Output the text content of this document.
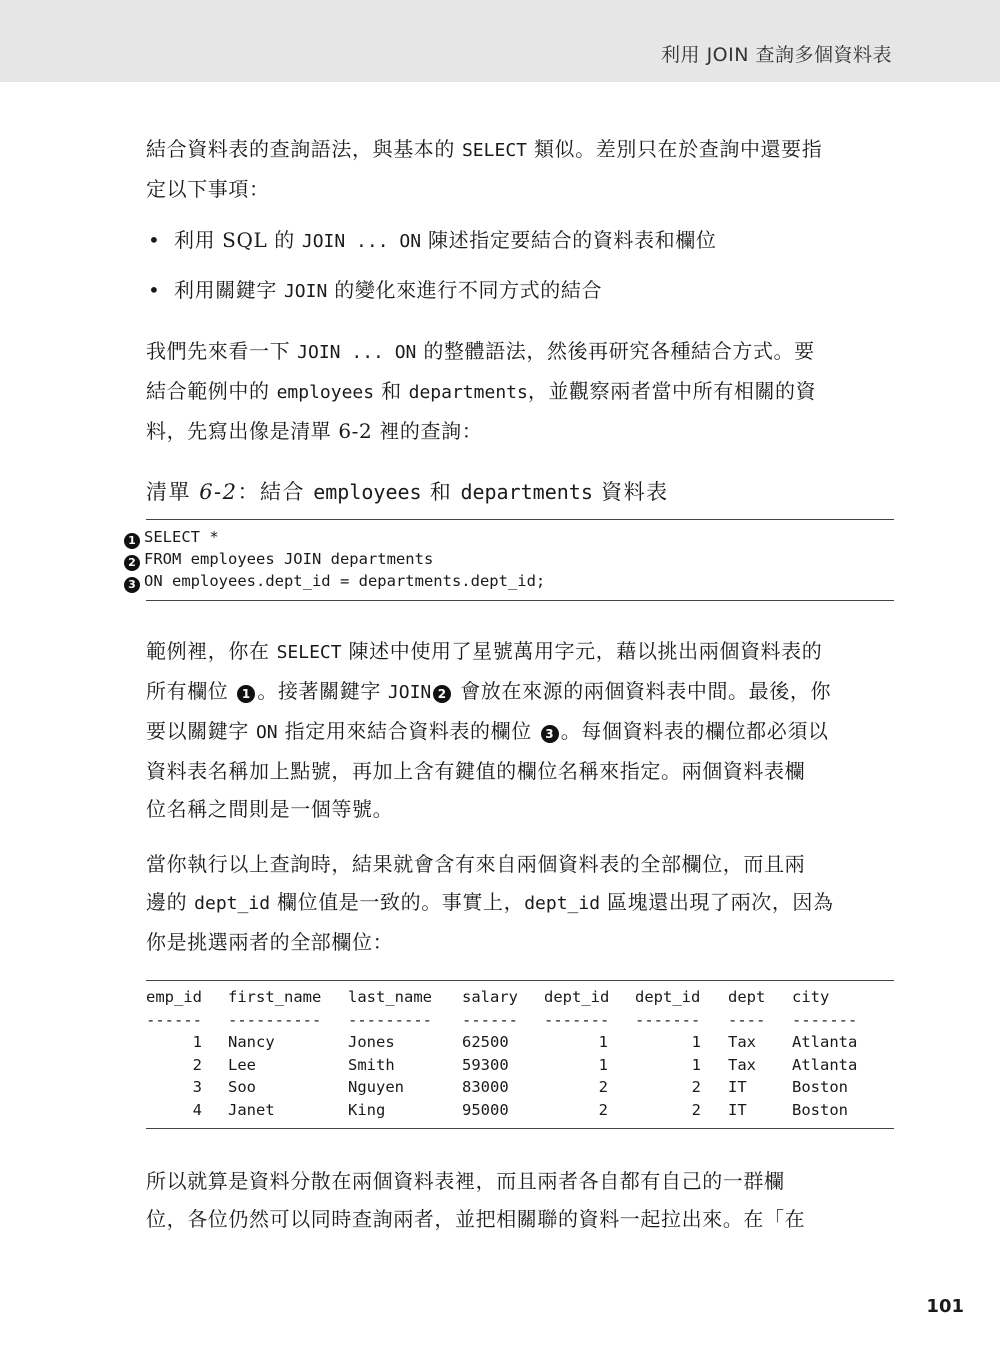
利用 JOIN 查詢多個資料表
結合資料表的查詢語法，與基本的 SELECT 類似。差別只在於查詢中還要指
定以下事項：
• 利用 SQL 的 JOIN ... ON 陳述指定要結合的資料表和欄位
• 利用關鍵字 JOIN 的變化來進行不同方式的結合
我們先來看一下 JOIN ... ON 的整體語法，然後再研究各種結合方式。要
結合範例中的 employees 和 departments，並觀察兩者當中所有相關的資
料，先寫出像是清單 6-2 裡的查詢：
清單 6-2：結合 employees 和 departments 資料表
1 SELECT *
2 FROM employees JOIN departments
3 ON employees.dept_id = departments.dept_id;
範例裡，你在 SELECT 陳述中使用了星號萬用字元，藉以挑出兩個資料表的
所有欄位 1 。接著關鍵字 JOIN 2 會放在來源的兩個資料表中間。最後，你
要以關鍵字 ON 指定用來結合資料表的欄位 3 。每個資料表的欄位都必須以
資料表名稱加上點號，再加上含有鍵值的欄位名稱來指定。兩個資料表欄
位名稱之間則是一個等號。
當你執行以上查詢時，結果就會含有來自兩個資料表的全部欄位，而且兩
邊的 dept_id 欄位值是一致的。事實上，dept_id 區塊還出現了兩次，因為
你是挑選兩者的全部欄位：
emp_id first_name last_name salary dept_id dept_id dept city
------ ---------- --------- ------ ------- ------- ---- -------
1 Nancy	Jones	62500	1	1 Tax Atlanta
2 Lee	Smith	59300	1	1 Tax Atlanta
3 Soo	Nguyen	83000	2	2 IT	Boston
4 Janet	King	95000	2	2 IT	Boston
所以就算是資料分散在兩個資料表裡，而且兩者各自都有自己的一群欄
位，各位仍然可以同時查詢兩者，並把相關聯的資料一起拉出來。在「在
101
